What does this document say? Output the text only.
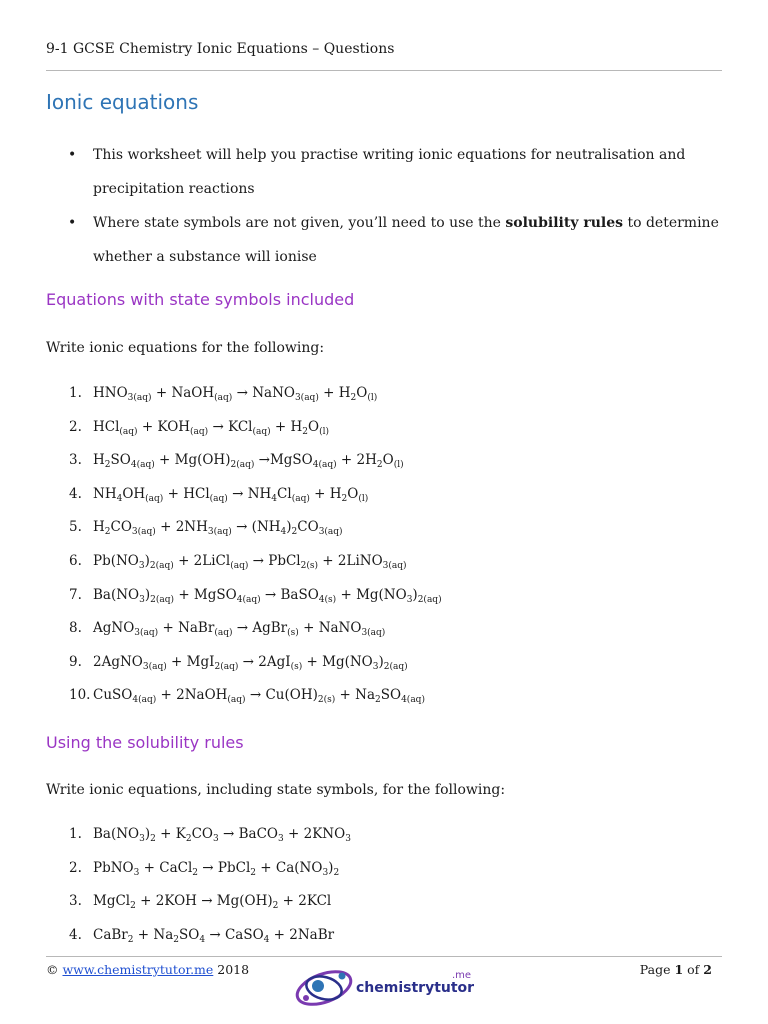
9-1 GCSE Chemistry Ionic Equations – Questions
Ionic equations
• This worksheet will help you practise writing ionic equations for neutralisation and precipitation reactions
• Where state symbols are not given, you’ll need to use the solubility rules to determine whether a substance will ionise
Equations with state symbols included
Write ionic equations for the following:
1. $HNO_{3(aq)}$ + NaOH$_{(aq)}$ → NaNO$_{3(aq)}$ + $H_2O_{(l)}$
2. $HCl_{(aq)} + KOH_{(aq)} \to KCl_{(aq)} + H_2O_{(l)}$
3. $H_2SO_{4(aq)} + Mg(OH)_{2(aq)}$ →MgSO$_{4(aq)}$ + $2H_2O_{(l)}$
4. $NH_4OH_{(aq)} + HCl_{(aq)} \to NH_4Cl_{(aq)} + H_2O_{(l)}$
5. $H_2CO_{3(aq)} + 2NH_{3(aq)} \to (NH_4)_2CO_{3(aq)}$
6. $Pb(NO_3)_{2(aq)}$ + 2LiCl$_{(aq)}$ → PbCl$_{2(s)}$ + 2LiNO$_{3(aq)}$
7. $Ba(NO_3)_{2(aq)}$ + MgSO$_{4(aq)}$ → BaSO$_{4(s)}$ + $Mg(NO_3)_{2(aq)}$
8. AgNO$_{3(aq)}$ + NaBr$_{(aq)}$ → AgBr$_{(s)}$ + NaNO$_{3(aq)}$
9. 2AgNO$_{3(aq)}$ + $MgI_{2(aq)} \to 2AgI_{(s)} + Mg(NO_3)_{2(aq)}$
10. CuSO$_{4(aq)}$ + 2NaOH$_{(aq)}$ → $Cu(OH)_{2(s)} + Na_2SO_{4(aq)}$
Using the solubility rules
Write ionic equations, including state symbols, for the following:
1. $Ba(NO_3)_2 + K_2CO_3$ → BaCO$_3$ + $2KNO_3$
2. PbNO$_3$ + CaCl$_2$ → PbCl$_2$ + $Ca(NO_3)_2$
3. MgCl$_2$ + $2KOH \to Mg(OH)_2 + 2KCl$
4. CaBr$_2$ + $Na_2SO_4$ → CaSO$_4$ + 2NaBr
© www.chemistrytutor.me 2018
chemistrytutor
.me	Page 1 of 2
